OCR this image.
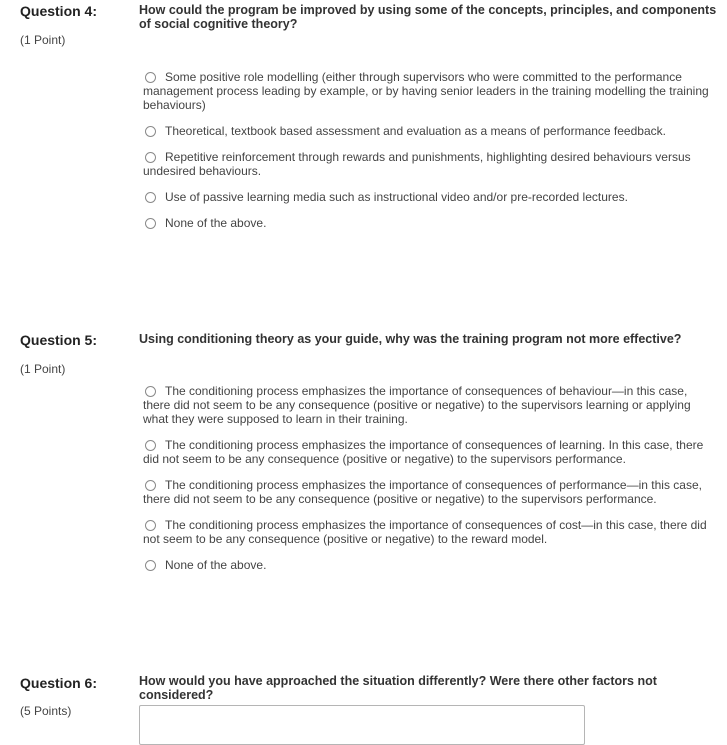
Question 4:
(1 Point)
How could the program be improved by using some of the concepts, principles, and components of social cognitive theory?
Some positive role modelling (either through supervisors who were committed to the performance management process leading by example, or by having senior leaders in the training modelling the training behaviours)
Theoretical, textbook based assessment and evaluation as a means of performance feedback.
Repetitive reinforcement through rewards and punishments, highlighting desired behaviours versus undesired behaviours.
Use of passive learning media such as instructional video and/or pre-recorded lectures.
None of the above.
Question 5:
(1 Point)
Using conditioning theory as your guide, why was the training program not more effective?
The conditioning process emphasizes the importance of consequences of behaviour—in this case, there did not seem to be any consequence (positive or negative) to the supervisors learning or applying what they were supposed to learn in their training.
The conditioning process emphasizes the importance of consequences of learning. In this case, there did not seem to be any consequence (positive or negative) to the supervisors performance.
The conditioning process emphasizes the importance of consequences of performance—in this case, there did not seem to be any consequence (positive or negative) to the supervisors performance.
The conditioning process emphasizes the importance of consequences of cost—in this case, there did not seem to be any consequence (positive or negative) to the reward model.
None of the above.
Question 6:
(5 Points)
How would you have approached the situation differently? Were there other factors not considered?
